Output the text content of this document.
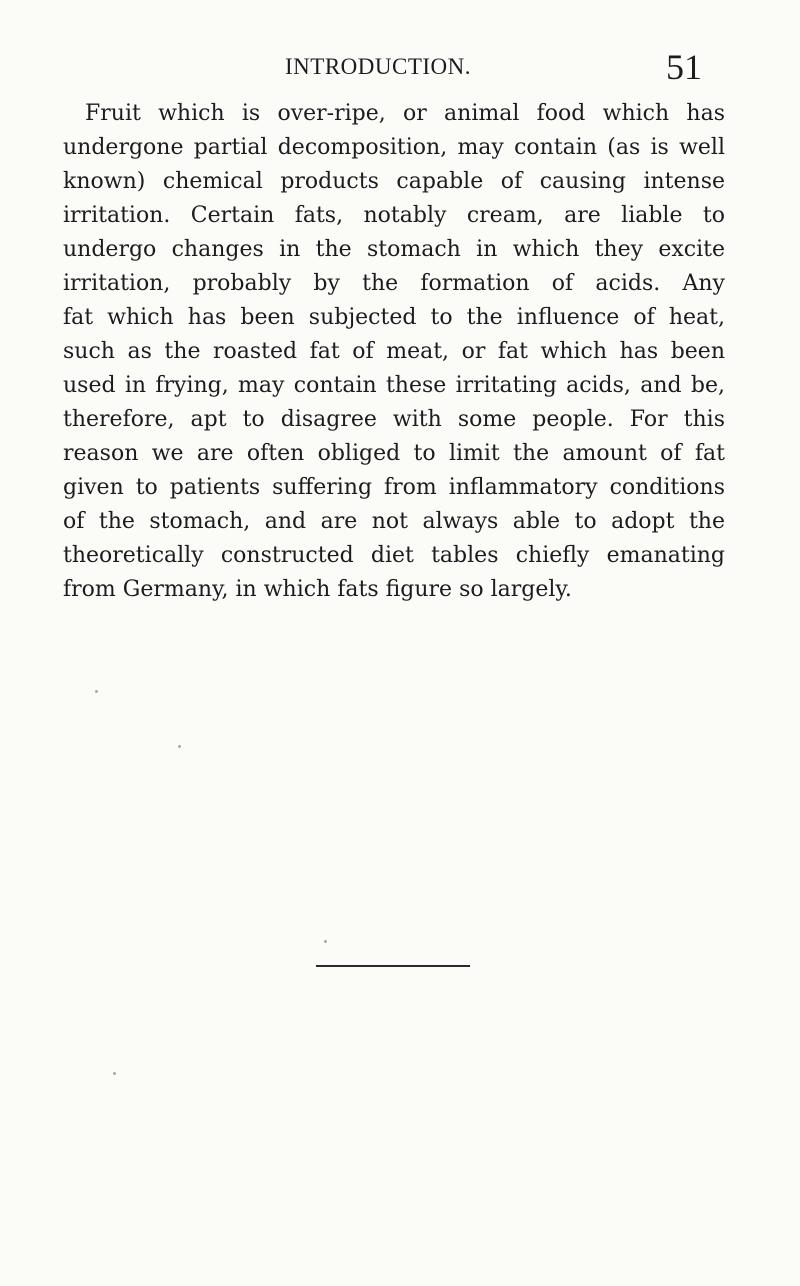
INTRODUCTION.	51
Fruit which is over-ripe, or animal food which has
undergone partial decomposition, may contain (as is well
known) chemical products capable of causing intense
irritation. Certain fats, notably cream, are liable to
undergo changes in the stomach in which they excite
irritation, probably by the formation of acids. Any
fat which has been subjected to the influence of heat,
such as the roasted fat of meat, or fat which has been
used in frying, may contain these irritating acids, and be,
therefore, apt to disagree with some people. For this
reason we are often obliged to limit the amount of fat
given to patients suffering from inflammatory conditions
of the stomach, and are not always able to adopt the
theoretically constructed diet tables chiefly emanating
from Germany, in which fats figure so largely.
